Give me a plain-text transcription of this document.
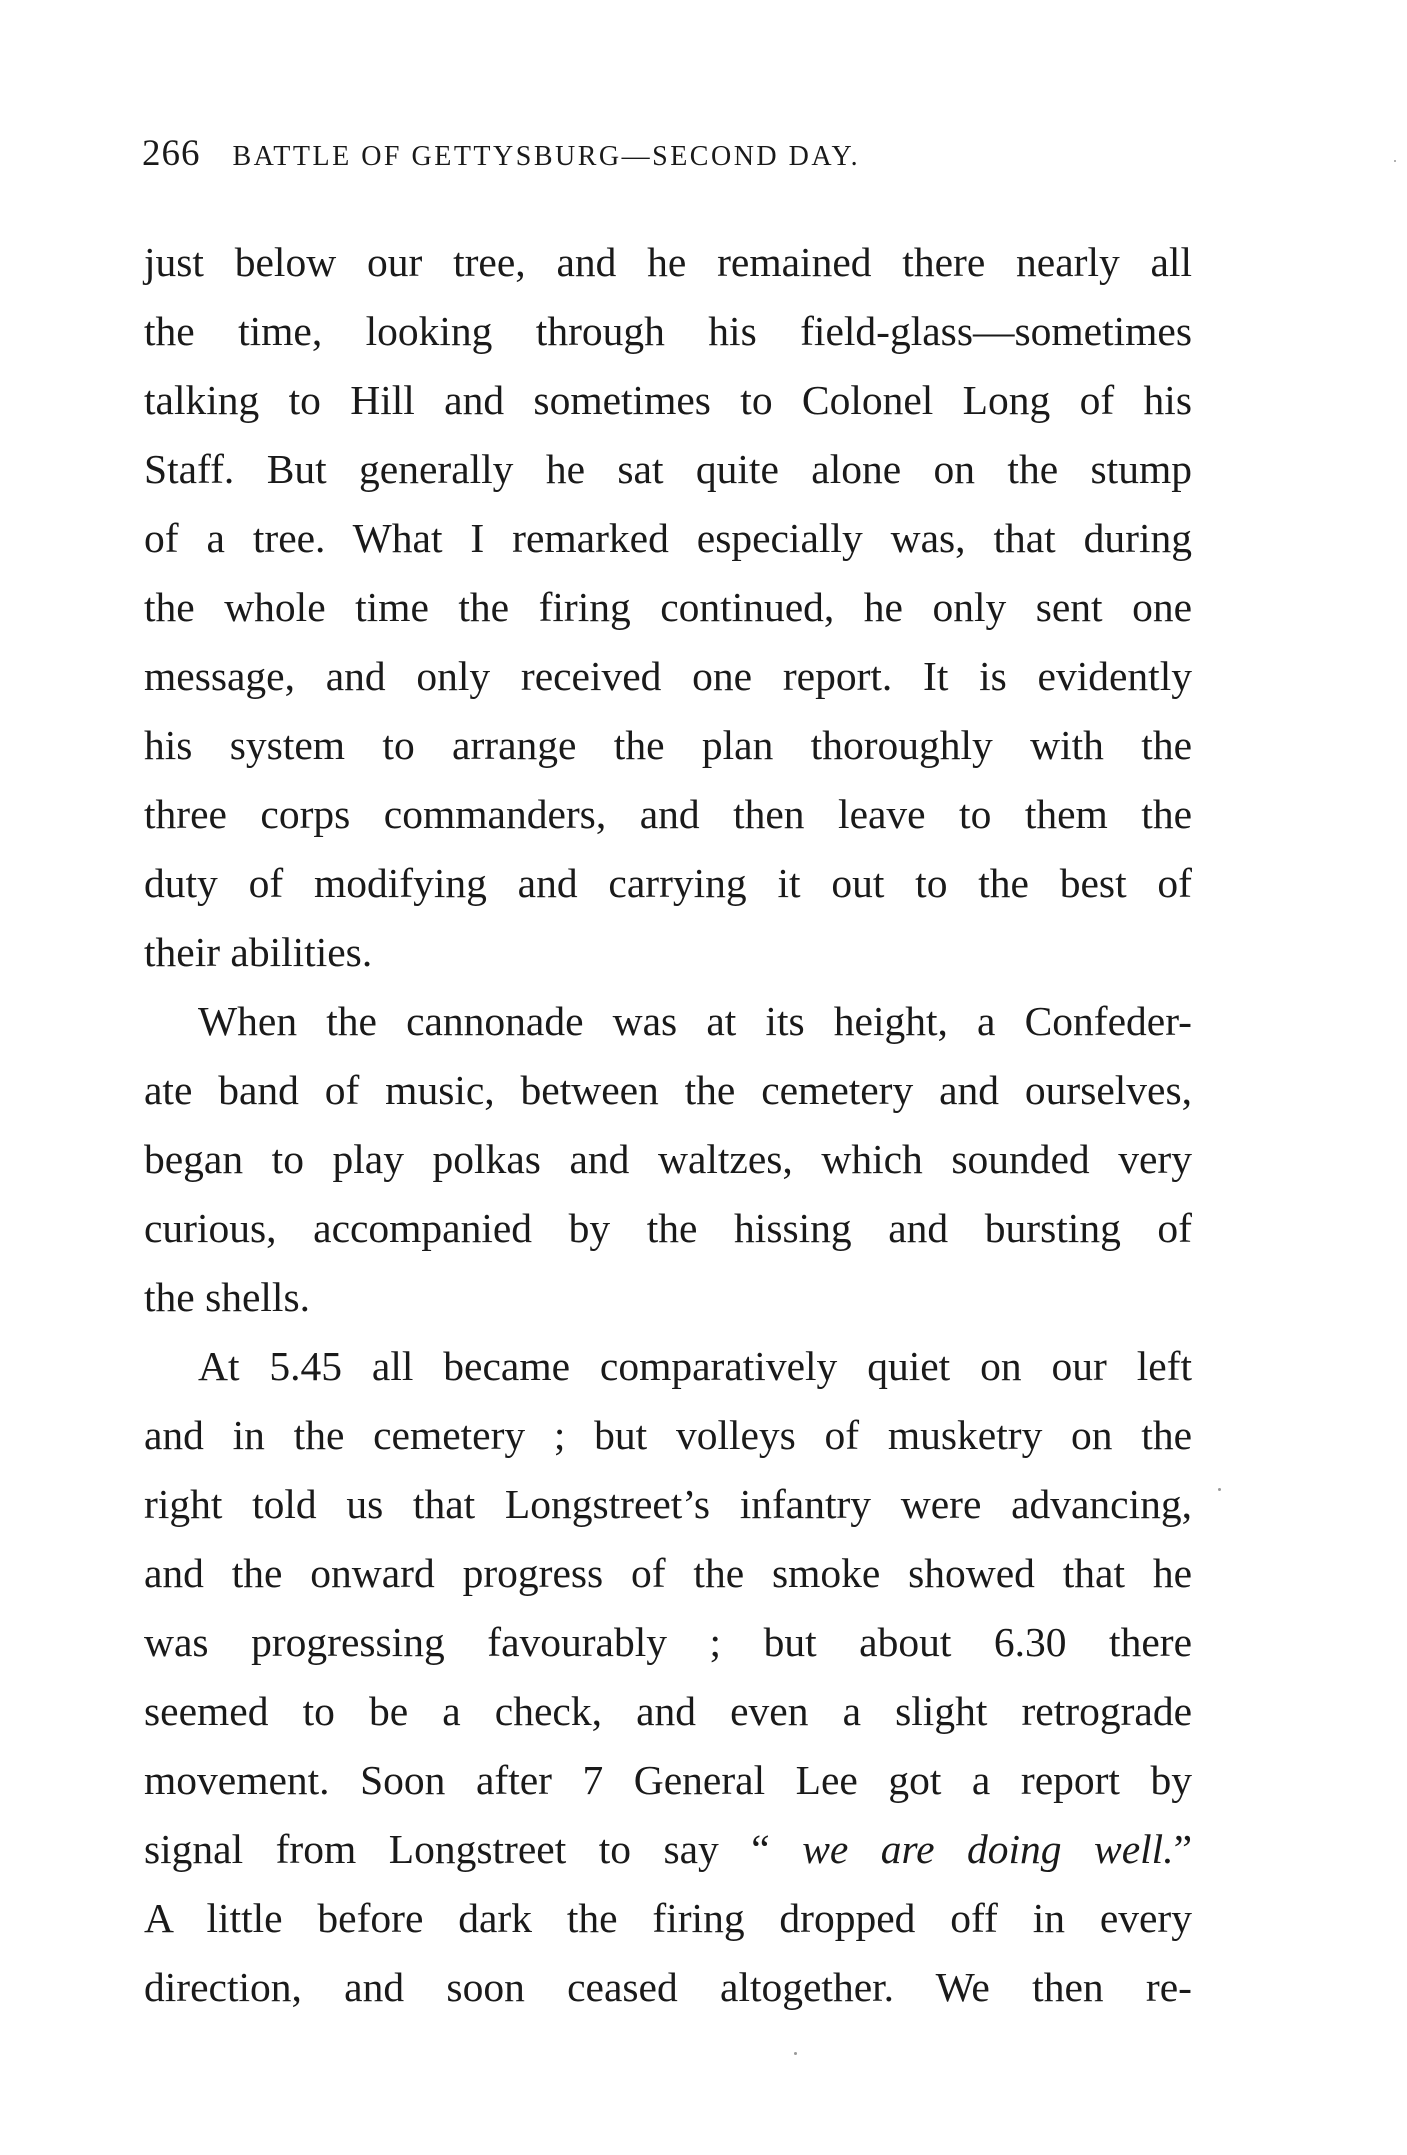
266 BATTLE OF GETTYSBURG—SECOND DAY.
just below our tree, and he remained there nearly all
the time, looking through his field-glass—sometimes
talking to Hill and sometimes to Colonel Long of his
Staff. But generally he sat quite alone on the stump
of a tree. What I remarked especially was, that during
the whole time the firing continued, he only sent one
message, and only received one report. It is evidently
his system to arrange the plan thoroughly with the
three corps commanders, and then leave to them the
duty of modifying and carrying it out to the best of
their abilities.
When the cannonade was at its height, a Confeder-
ate band of music, between the cemetery and ourselves,
began to play polkas and waltzes, which sounded very
curious, accompanied by the hissing and bursting of
the shells.
At 5.45 all became comparatively quiet on our left
and in the cemetery ; but volleys of musketry on the
right told us that Longstreet’s infantry were advancing,
and the onward progress of the smoke showed that he
was progressing favourably ; but about 6.30 there
seemed to be a check, and even a slight retrograde
movement. Soon after 7 General Lee got a report by
signal from Longstreet to say “ we are doing well.”
A little before dark the firing dropped off in every
direction, and soon ceased altogether. We then re-
